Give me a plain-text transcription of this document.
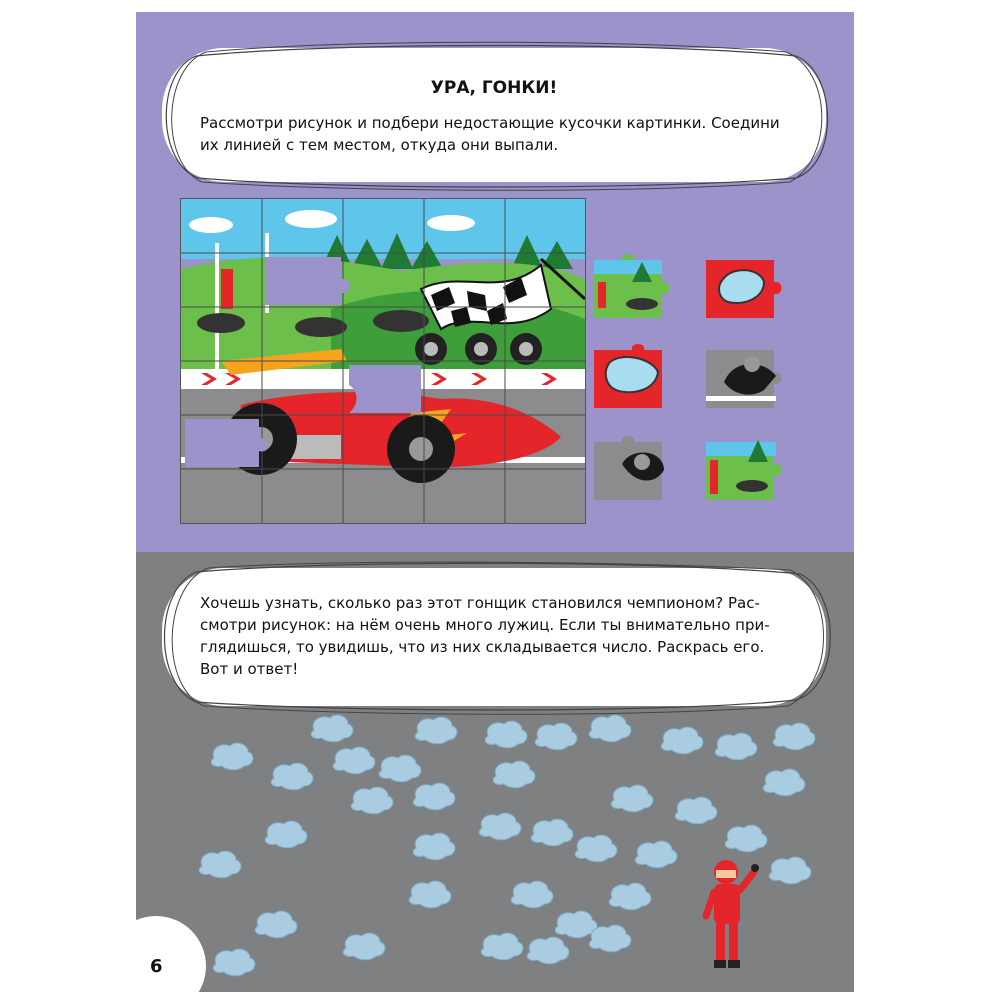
УРА, ГОНКИ!
Рассмотри рисунок и подбери недостающие кусочки картинки. Соедини
их линией с тем местом, откуда они выпали.
Хочешь узнать, сколько раз этот гонщик становился чемпионом? Рас-
смотри рисунок: на нём очень много лужиц. Если ты внимательно при-
глядишься, то увидишь, что из них складывается число. Раскрась его.
Вот и ответ!
6
